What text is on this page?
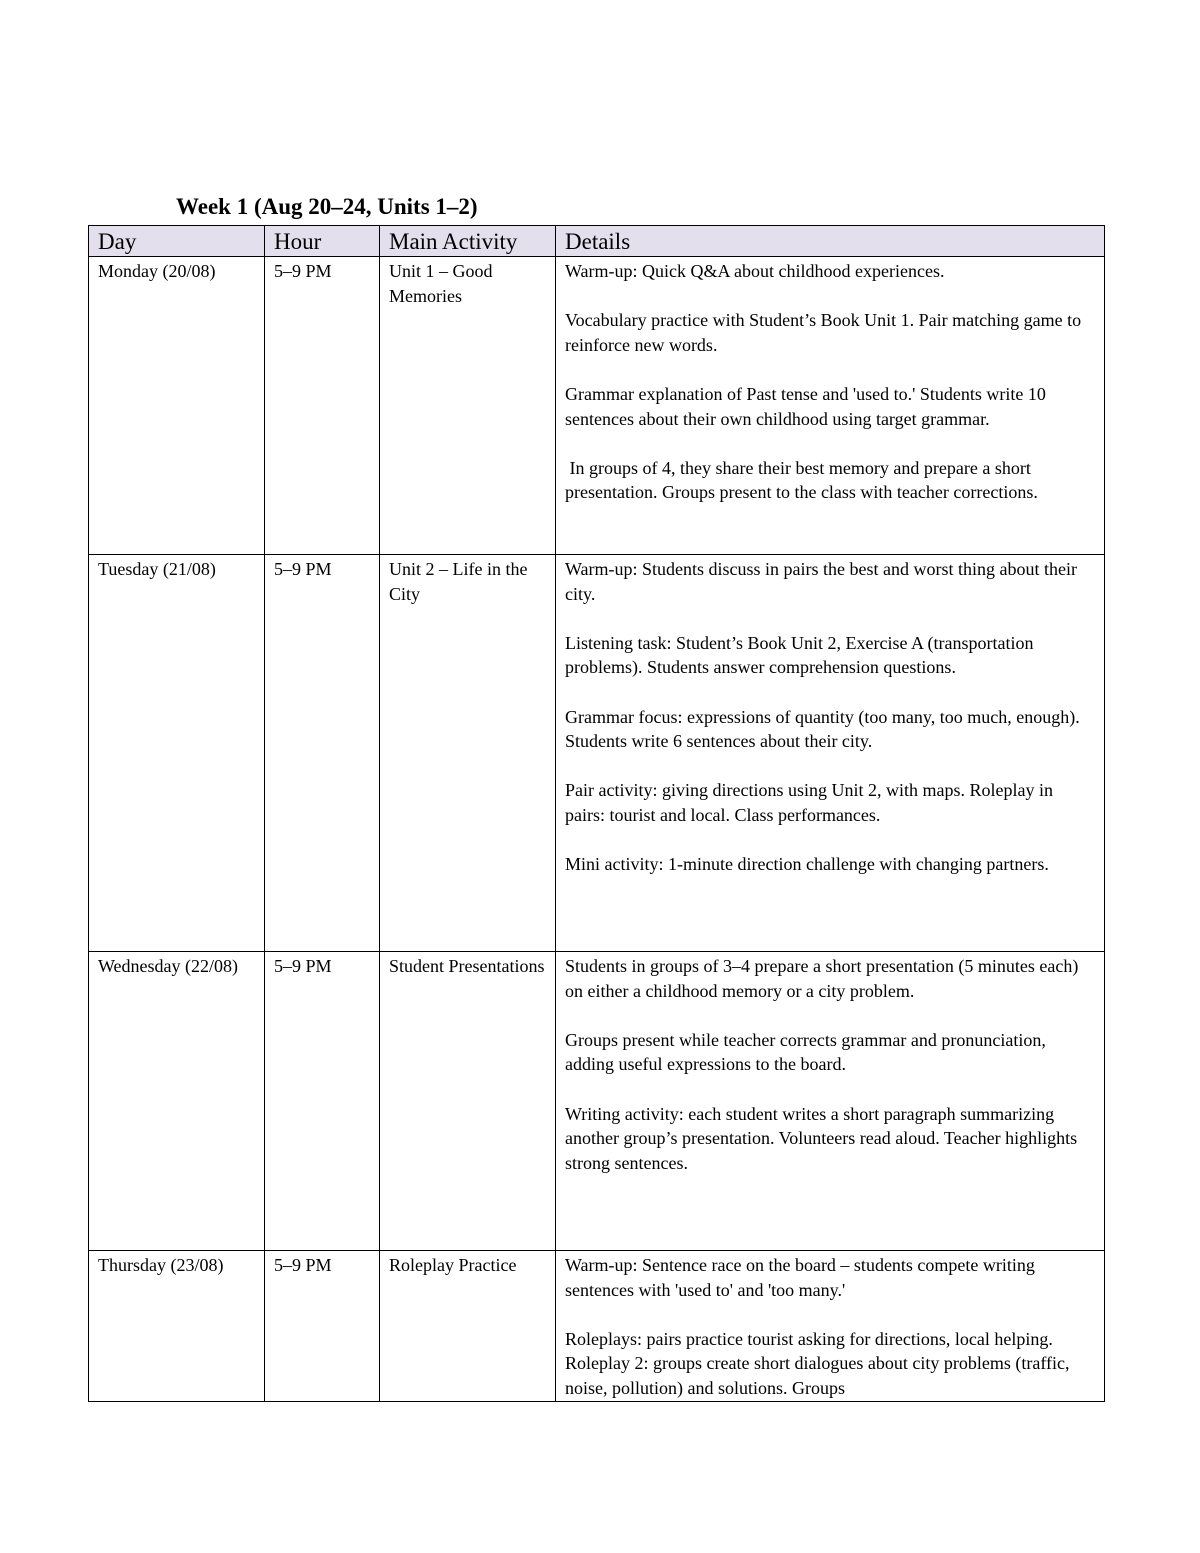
Week 1 (Aug 20–24, Units 1–2)
Day	Hour	Main Activity	Details
Monday (20/08)	5–9 PM	Unit 1 – Good Memories	Warm-up: Quick Q&A about childhood experiences.
Vocabulary practice with Student’s Book Unit 1. Pair matching game to reinforce new words.
Grammar explanation of Past tense and 'used to.' Students write 10 sentences about their own childhood using target grammar.
In groups of 4, they share their best memory and prepare a short presentation. Groups present to the class with teacher corrections.

Tuesday (21/08)	5–9 PM	Unit 2 – Life in the City	Warm-up: Students discuss in pairs the best and worst thing about their city.
Listening task: Student’s Book Unit 2, Exercise A (transportation problems). Students answer comprehension questions.
Grammar focus: expressions of quantity (too many, too much, enough). Students write 6 sentences about their city.
Pair activity: giving directions using Unit 2, with maps. Roleplay in pairs: tourist and local. Class performances.
Mini activity: 1-minute direction challenge with changing partners.

Wednesday (22/08)	5–9 PM	Student Presentations	Students in groups of 3–4 prepare a short presentation (5 minutes each) on either a childhood memory or a city problem.
Groups present while teacher corrects grammar and pronunciation, adding useful expressions to the board.
Writing activity: each student writes a short paragraph summarizing another group’s presentation. Volunteers read aloud. Teacher highlights strong sentences.

Thursday (23/08)	5–9 PM	Roleplay Practice	Warm-up: Sentence race on the board – students compete writing sentences with 'used to' and 'too many.'
Roleplays: pairs practice tourist asking for directions, local helping. Roleplay 2: groups create short dialogues about city problems (traffic, noise, pollution) and solutions. Groups
